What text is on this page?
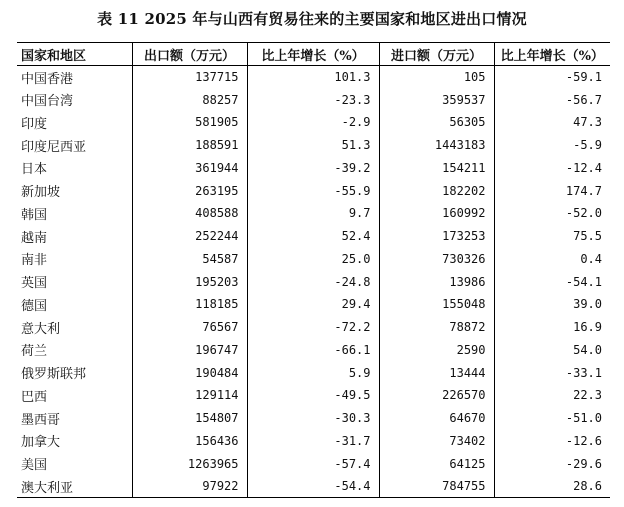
表 11 2025 年与山西有贸易往来的主要国家和地区进出口情况
国家和地区	出口额（万元）	比上年增长（%）	进口额（万元）	比上年增长（%）
中国香港	137715	101.3	105	-59.1
中国台湾	88257	-23.3	359537	-56.7
印度	581905	-2.9	56305	47.3
印度尼西亚	188591	51.3	1443183	-5.9
日本	361944	-39.2	154211	-12.4
新加坡	263195	-55.9	182202	174.7
韩国	408588	9.7	160992	-52.0
越南	252244	52.4	173253	75.5
南非	54587	25.0	730326	0.4
英国	195203	-24.8	13986	-54.1
德国	118185	29.4	155048	39.0
意大利	76567	-72.2	78872	16.9
荷兰	196747	-66.1	2590	54.0
俄罗斯联邦	190484	5.9	13444	-33.1
巴西	129114	-49.5	226570	22.3
墨西哥	154807	-30.3	64670	-51.0
加拿大	156436	-31.7	73402	-12.6
美国	1263965	-57.4	64125	-29.6
澳大利亚	97922	-54.4	784755	28.6
